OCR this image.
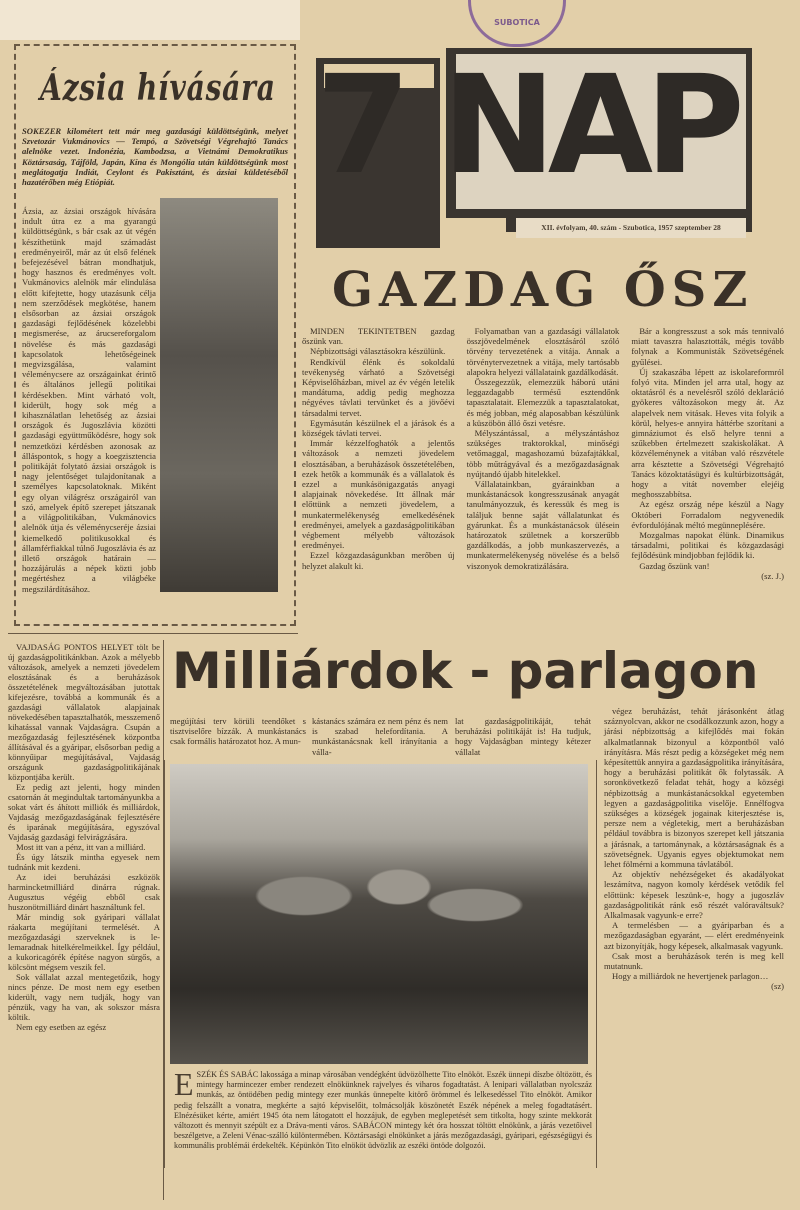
7 NAP
XII. évfolyam, 40. szám - Szubotica, 1957 szeptember 28
SUBOTICA
Ázsia hívására
SOKEZER kilométert tett már meg gazdasági küldöttségünk, melyet Szvetozár Vukmánovics — Tempó, a Szövetségi Végrehajtó Tanács alelnöke vezet. Indonézia, Kambodzsa, a Vietnámi Demokratikus Köztársaság, Tájföld, Japán, Kína és Mongólia után küldöttségünk most meglátogatja Indiát, Ceylont és Pakisztánt, és ázsiai küldetéséből hazatérőben még Etiópiát.
Ázsia, az ázsiai országok hívására indult útra ez a ma gyarangú küldöttségünk, s bár csak az út végén készíthetünk majd számadást eredményeiről, már az út első felének befejezésével bátran mondhatjuk, hogy hasznos és eredményes volt. Vukmánovics alelnök már elindulása előtt kifejtette, hogy utazásunk célja nem szerződések megkötése, hanem elsősorban az ázsiai országok gazdasági fejlődésének közelebbi megismerése, az árucsereforgalom növelése és más gazdasági kapcsolatok lehetőségeinek megvizsgálása, valamint véleménycsere az országainkat érintő és általános jellegű politikai kérdésekben. Mint várható volt, kiderült, hogy sok még a kihasználatlan lehetőség az ázsiai országok és Jugoszlávia közötti gazdasági együttműködésre, hogy sok nemzetközi kérdésben azonosak az álláspontok, s hogy a koegzisztencia politikáját folytató ázsiai országok is nagy jelentőséget tulajdonítanak a személyes kapcsolatoknak. Miként egy olyan világrész országairól van szó, amelyek építő szerepet játszanak a világpolitikában, Vukmánovics alelnök útja és véleménycseréje ázsiai kiemelkedő politikusokkal és államférfiakkal túlnő Jugoszlávia és az illető országok határain — hozzájárulás a népek közti jobb megértéshez a világbéke megszilárdításához.
GAZDAG ŐSZ

MINDEN TEKINTETBEN gazdag őszünk van.

Népbizottsági választásokra készülünk.

Rendkívül élénk és sokoldalú tevékenység várható a Szövetségi Képviselőházban, mivel az év végén letelik mandátuma, addig pedig meghozza négyéves távlati tervünket és a jövőévi társadalmi tervet.

Egymásután készülnek el a járások és a községek távlati tervei.

Immár kézzelfoghatók a jelentős változások a nemzeti jövedelem elosztásában, a beruházások összetételében, ezek hetők a kommunák és a vállalatok és ezzel a munkásönigazgatás anyagi alapjainak növekedése. Itt állnak már előttünk a nemzeti jövedelem, a munkatermelékenység emelkedésének eredményei, amelyek a gazdaságpolitikában végbement mélyebb változások eredményei.

Ezzel közgazdaságunkban merőben új helyzet alakult ki.

Folyamatban van a gazdasági vállalatok összjövedelmének elosztásáról szóló törvény tervezetének a vitája. Annak a törvénytervezetnek a vitája, mely tartósabb alapokra helyezi vállalataink gazdálkodását.

Összegezzük, elemezzük háború utáni leggazdagabb termésű esztendőnk tapasztalatait. Elemezzük a tapasztalatokat, és még jobban, még alaposabban készülünk a küszöbön álló őszi vetésre.

Mélyszántással, a mélyszántáshoz szükséges traktorokkal, minőségi vetőmaggal, magashozamú búzafajtákkal, több műtrágyával és a mezőgazdaságnak nyújtandó újabb hitelekkel.

Vállalatainkban, gyárainkban a munkástanácsok kongresszusának anyagát tanulmányozzuk, és keressük és meg is találjuk benne saját vállalatunkat és gyárunkat. És a munkástanácsok ülésein határozatok születnek a korszerűbb gazdálkodás, a jobb munkaszervezés, a munkatermelékenység növelése és a belső viszonyok demokratizálására.

Bár a kongresszust a sok más tennivaló miatt tavaszra halasztották, mégis tovább folynak a Kommunisták Szövetségének gyűlései.

Új szakaszába lépett az iskolareformról folyó vita. Minden jel arra utal, hogy az oktatásról és a nevelésről szóló deklaráció gyökeres változásokon megy át. Az alapelvek nem vitásak. Heves vita folyik a körül, helyes-e annyira háttérbe szorítani a gimnáziumot és első helyre tenni a szűkebben értelmezett szakiskolákat. A közvéleménynek a vitában való részvétele arra késztette a Szövetségi Végrehajtó Tanács közoktatásügyi és kultúrbizottságát, hogy a vitát november elejéig meghosszabbítsa.

Az egész ország népe készül a Nagy Októberi Forradalom negyvenedik évfordulójának méltó megünneplésére.

Mozgalmas napokat élünk. Dinamikus társadalmi, politikai és közgazdasági fejlődésünk mindjobban fejlődik ki.

Gazdag őszünk van!

(sz. J.)

VAJDASÁG PONTOS HELYET tölt be új gazdaságpolitikánkban. Azok a mélyebb változások, amelyek a nemzeti jövedelem elosztásának és a beruházások összetételének megváltozásában jutottak kifejezésre, továbbá a kommunák és a gazdasági vállalatok alapjainak növekedésében tapasztalhatók, messzemenő kihatással vannak Vajdaságra. Csupán a mezőgazdaság fejlesztésének központba állításával és a gyáripar, elsősorban pedig a könnyűipar megújításával, Vajdaság országunk gazdaságpolitikájának központjába került.

Ez pedig azt jelenti, hogy minden csatornán át megindultak tartományunkba a sokat várt és áhított milliók és milliárdok, Vajdaság mezőgazdaságának fejlesztésére és iparának megújítására, egyszóval Vajdaság gazdasági felvirágzására.

Most itt van a pénz, itt van a milliárd.

És úgy látszik mintha egyesek nem tudnánk mit kezdeni.

Az idei beruházási eszközök harmincketmilliárd dinárra rúgnak. Augusztus végéig ebből csak huszonötmilliárd dinárt használtunk fel.

Már mindig sok gyáripari vállalat ráakarta megújítani termelését. A mezőgazdasági szerveknek is le-lemaradnak hitelkérelmeikkel. Így például, a kukoricagórék építése nagyon sürgős, a kölcsönt mégsem veszik fel.

Sok vállalat azzal mentegetőzik, hogy nincs pénze. De most nem egy esetben kiderült, vagy nem tudják, hogy van pénzük, vagy ha van, ak sokszor másra költik.

Nem egy esetben az egész

Milliárdok - parlagon
megújítási terv körüli teendőket s tisztviselőre bízzák. A munkástanács csak formális határozatot hoz. A mun-
kástanács számára ez nem pénz és nem is szabad helefordítania. A munkástanácsnak kell irányítania a válla-
lat gazdaságpolitikáját, tehát beruházási politikáját is! Ha tudjuk, hogy Vajdaságban mintegy kétezer vállalat

végez beruházást, tehát járásonként átlag száznyolcvan, akkor ne csodálkozzunk azon, hogy a járási népbizottság a kifejlődés mai fokán alkalmatlannak bizonyul a központból való irányításra. Más részt pedig a községeket még nem képesítettük annyira a gazdaságpolitika irányítására, hogy a beruházási politikát ők folytassák. A soronkövetkező feladat tehát, hogy a községi népbizottság a munkástanácsokkal egyetemben legyen a gazdaságpolitika viselője. Ennélfogva szükséges a községek jogainak kiterjesztése is, persze nem a végletekig, mert a beruházásban például továbbra is bizonyos szerepet kell játszania a járásnak, a tartománynak, a köztársaságnak és a szövetségnek. Ugyanis egyes objektumokat nem lehet fölmérni a kommuna távlatából.

Az objektív nehézségeket és akadályokat leszámítva, nagyon komoly kérdések vetődik fel előttünk: képesek leszünk-e, hogy a jugoszláv gazdaságpolitikát ránk eső részét valóraváltsuk? Alkalmasak vagyunk-e erre?

A termelésben — a gyáriparban és a mezőgazdaságban egyaránt, — elért eredményeink azt bizonyítják, hogy képesek, alkalmasak vagyunk.

Csak most a beruházások terén is meg kell mutatnunk.

Hogy a milliárdok ne hevertjenek parlagon…

(sz)

E SZÉK ÉS SABÁC lakossága a minap városában vendégként üdvözölhette Tito elnököt. Eszék ünnepi díszbe öltözött, és mintegy harmincezer ember rendezett elnökünknek rajvelyes és viharos fogadtatást. A lenipari vállalatban nyolcszáz munkás, az öntödében pedig mintegy ezer munkás ünnepelte kitörő örömmel és lelkesedéssel Tito elnököt. Amikor pedig felszállt a vonatra, megkérte a sajtó képviselőit, tolmácsolják köszönetét Eszék népének a meleg fogadtatásért. Elnézésüket kérte, amiért 1945 óta nem látogatott el hozzájuk, de egyben meglepetését sem titkolta, hogy szinte mekkorát változott és mennyit szépült ez a Dráva-menti város. SABÁCON mintegy két óra hosszat töltött elnökünk, a járás vezetőivel beszélgetve, a Zeleni Vénac-szálló különtermében. Köztársasági elnökünket a járás mezőgazdasági, gyáripari, egészségügyi és kommunális problémái érdekelték. Képünkön Tito elnököt üdvözlik az eszéki öntöde dolgozói.
